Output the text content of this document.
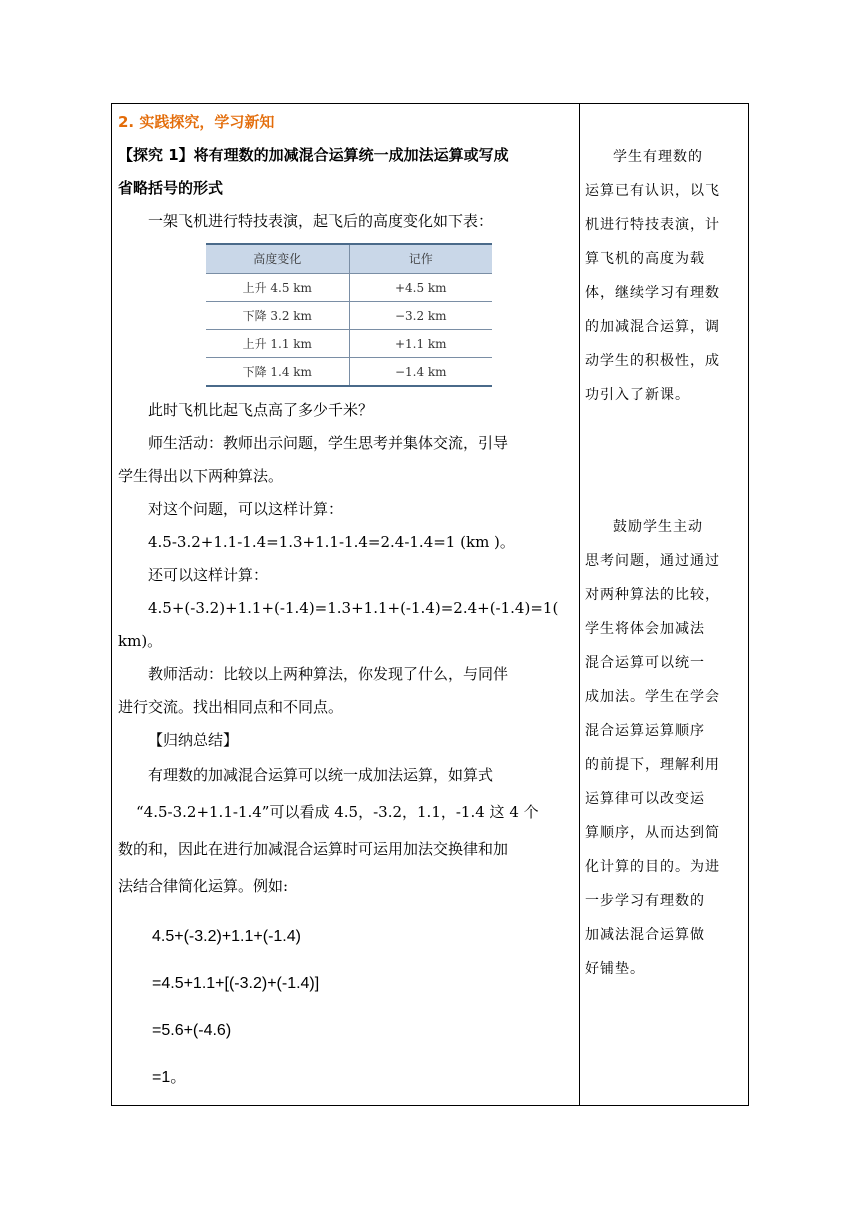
2. 实践探究，学习新知

【探究 1】将有理数的加减混合运算统一成加法运算或写成

省略括号的形式

一架飞机进行特技表演，起飞后的高度变化如下表：

高度变化	记作
上升 4.5 km	+4.5 km
下降 3.2 km	−3.2 km
上升 1.1 km	+1.1 km
下降 1.4 km	−1.4 km

此时飞机比起飞点高了多少千米？

师生活动：教师出示问题，学生思考并集体交流，引导

学生得出以下两种算法。

对这个问题，可以这样计算：

4.5-3.2+1.1-1.4=1.3+1.1-1.4=2.4-1.4=1 (km )。

还可以这样计算：

4.5+(-3.2)+1.1+(-1.4)=1.3+1.1+(-1.4)=2.4+(-1.4)=1( km)。

教师活动：比较以上两种算法，你发现了什么，与同伴

进行交流。找出相同点和不同点。

【归纳总结】

有理数的加减混合运算可以统一成加法运算，如算式

“4.5-3.2+1.1-1.4”可以看成 4.5，-3.2，1.1，-1.4 这 4 个

数的和，因此在进行加减混合运算时可运用加法交换律和加

法结合律简化运算。例如:

4.5+(-3.2)+1.1+(-1.4)

=4.5+1.1+[(-3.2)+(-1.4)]

=5.6+(-4.6)

=1。

学生有理数的

运算已有认识，以飞

机进行特技表演，计

算飞机的高度为载

体，继续学习有理数

的加减混合运算，调

动学生的积极性，成

功引入了新课。

鼓励学生主动

思考问题，通过通过

对两种算法的比较，

学生将体会加减法

混合运算可以统一

成加法。学生在学会

混合运算运算顺序

的前提下，理解利用

运算律可以改变运

算顺序，从而达到简

化计算的目的。为进

一步学习有理数的

加减法混合运算做

好铺垫。
